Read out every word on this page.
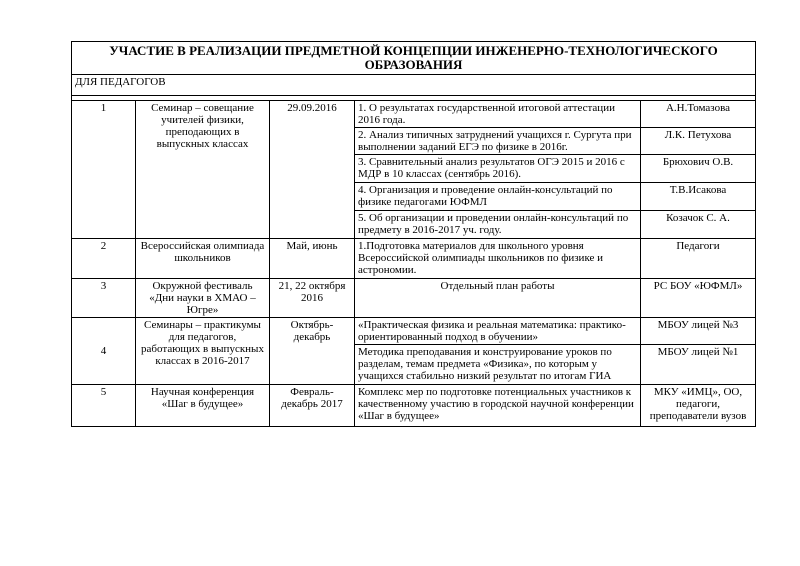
УЧАСТИЕ В РЕАЛИЗАЦИИ ПРЕДМЕТНОЙ КОНЦЕПЦИИ ИНЖЕНЕРНО-ТЕХНОЛОГИЧЕСКОГО ОБРАЗОВАНИЯ				
ДЛЯ ПЕДАГОГОВ				

1	Семинар – совещание учителей физики, преподающих в выпускных классах	29.09.2016	1. О результатах государственной итоговой аттестации 2016 года.	А.Н.Томазова
			2. Анализ типичных затруднений учащихся г. Сургута при выполнении заданий ЕГЭ по физике в 2016г.	Л.К. Петухова
			3. Сравнительный анализ результатов ОГЭ 2015 и 2016 с МДР в 10 классах (сентябрь 2016).	Брюхович О.В.
			4. Организация и проведение онлайн-консультаций по физике педагогами ЮФМЛ	Т.В.Исакова
			5. Об организации и проведении онлайн-консультаций по предмету в 2016-2017 уч. году.	Козачок С. А.
2	Всероссийская олимпиада школьников	Май, июнь	1.Подготовка материалов для школьного уровня Всероссийской олимпиады школьников по физике и астрономии.	Педагоги
3	Окружной фестиваль «Дни науки в ХМАО – Югре»	21, 22 октября 2016	Отдельный план работы	РС БОУ «ЮФМЛ»
4	Семинары – практикумы для педагогов, работающих в выпускных классах в 2016-2017	Октябрь-декабрь	«Практическая физика и реальная математика: практико-ориентированный подход в обучении»	МБОУ лицей №3
			Методика преподавания и конструирование уроков по разделам, темам предмета «Физика», по которым у учащихся стабильно низкий результат по итогам ГИА	МБОУ лицей №1
5	Научная конференция «Шаг в будущее»	Февраль-декабрь 2017	Комплекс мер по подготовке потенциальных участников к качественному участию в городской научной конференции «Шаг в будущее»	МКУ «ИМЦ», ОО, педагоги, преподаватели вузов
